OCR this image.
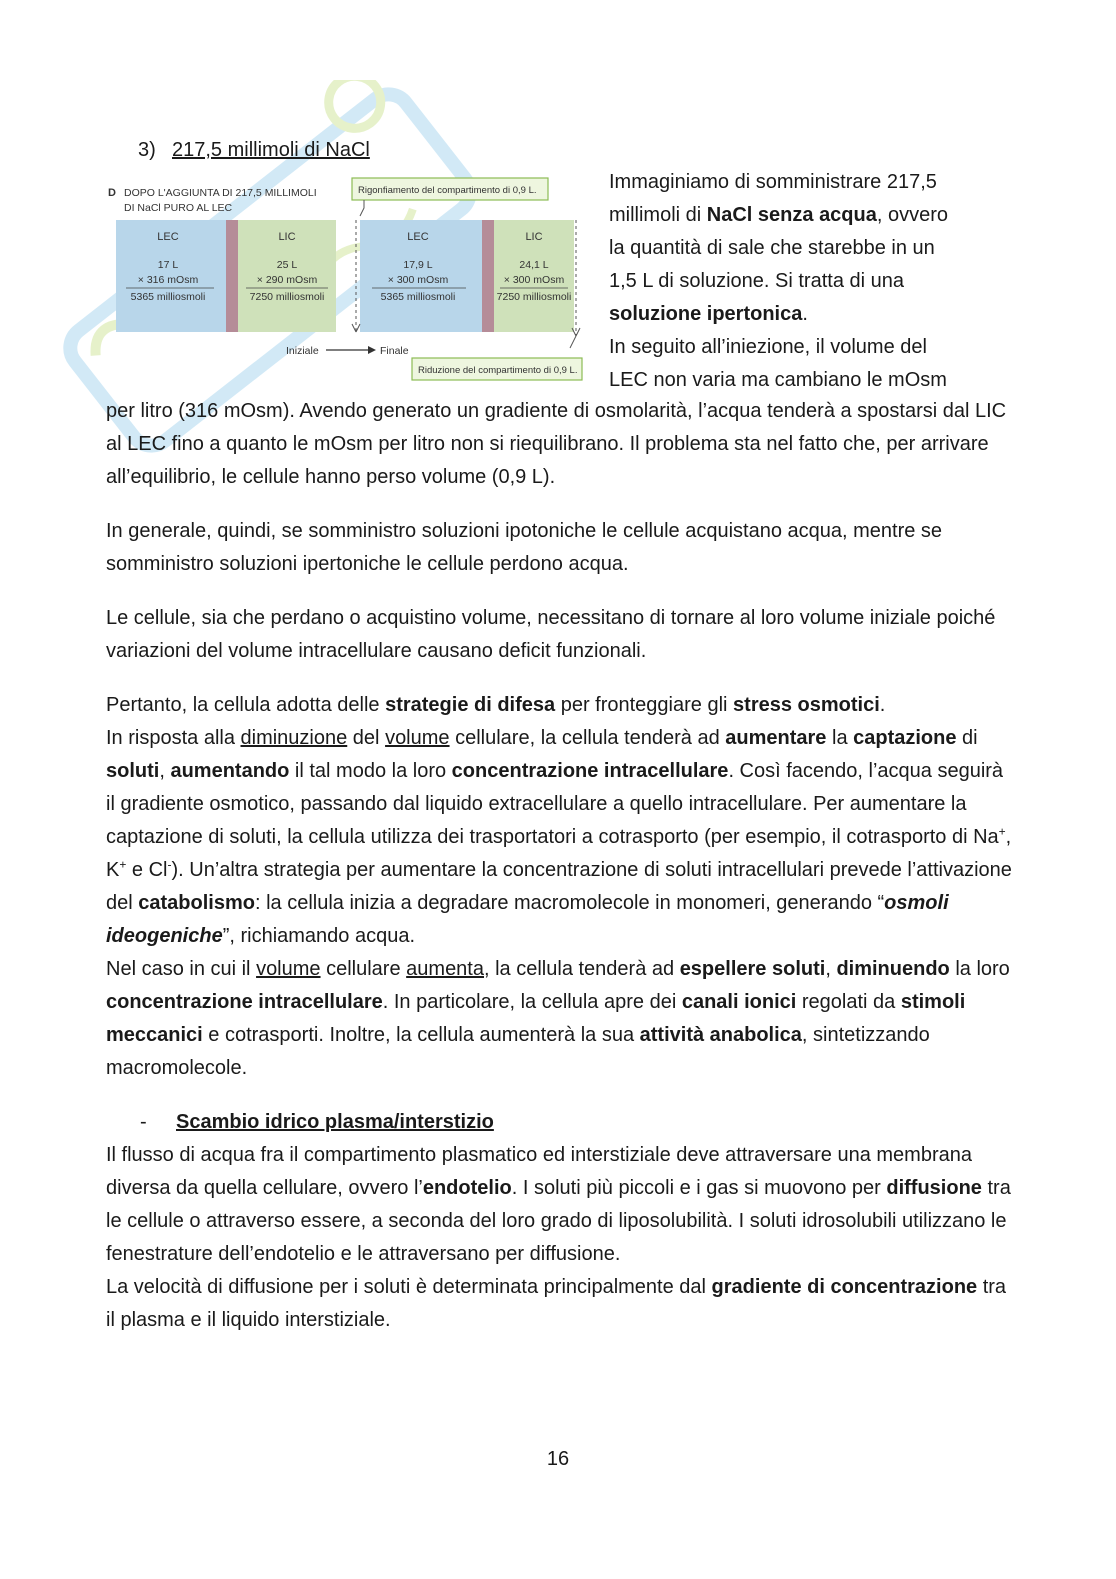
3) 217,5 millimoli di NaCl
D DOPO L'AGGIUNTA DI 217,5 MILLIMOLI
DI NaCl PURO AL LEC
Rigonfiamento del compartimento di 0,9 L.
LEC
17 L
× 316 mOsm
5365 milliosmoli
LIC
25 L
× 290 mOsm
7250 milliosmoli
LEC
17,9 L
× 300 mOsm
5365 milliosmoli
LIC
24,1 L
× 300 mOsm
7250 milliosmoli
Iniziale	Finale
Riduzione del compartimento di 0,9 L.

Immaginiamo di somministrare 217,5

millimoli di NaCl senza acqua, ovvero

la quantità di sale che starebbe in un

1,5 L di soluzione. Si tratta di una

soluzione ipertonica.

In seguito all’iniezione, il volume del

LEC non varia ma cambiano le mOsm

per litro (316 mOsm). Avendo generato un gradiente di osmolarità, l’acqua tenderà a spostarsi dal LIC al LEC fino a quanto le mOsm per litro non si riequilibrano. Il problema sta nel fatto che, per arrivare all’equilibrio, le cellule hanno perso volume (0,9 L).

In generale, quindi, se somministro soluzioni ipotoniche le cellule acquistano acqua, mentre se somministro soluzioni ipertoniche le cellule perdono acqua.

Le cellule, sia che perdano o acquistino volume, necessitano di tornare al loro volume iniziale poiché variazioni del volume intracellulare causano deficit funzionali.

Pertanto, la cellula adotta delle strategie di difesa per fronteggiare gli stress osmotici.

In risposta alla diminuzione del volume cellulare, la cellula tenderà ad aumentare la captazione di soluti, aumentando il tal modo la loro concentrazione intracellulare. Così facendo, l’acqua seguirà il gradiente osmotico, passando dal liquido extracellulare a quello intracellulare. Per aumentare la captazione di soluti, la cellula utilizza dei trasportatori a cotrasporto (per esempio, il cotrasporto di Na+, K+ e Cl-). Un’altra strategia per aumentare la concentrazione di soluti intracellulari prevede l’attivazione del catabolismo: la cellula inizia a degradare macromolecole in monomeri, generando “osmoli ideogeniche”, richiamando acqua.

Nel caso in cui il volume cellulare aumenta, la cellula tenderà ad espellere soluti, diminuendo la loro concentrazione intracellulare. In particolare, la cellula apre dei canali ionici regolati da stimoli meccanici e cotrasporti. Inoltre, la cellula aumenterà la sua attività anabolica, sintetizzando macromolecole.

- Scambio idrico plasma/interstizio

Il flusso di acqua fra il compartimento plasmatico ed interstiziale deve attraversare una membrana diversa da quella cellulare, ovvero l’endotelio. I soluti più piccoli e i gas si muovono per diffusione tra le cellule o attraverso essere, a seconda del loro grado di liposolubilità. I soluti idrosolubili utilizzano le fenestrature dell’endotelio e le attraversano per diffusione.

La velocità di diffusione per i soluti è determinata principalmente dal gradiente di concentrazione tra il plasma e il liquido interstiziale.

16
